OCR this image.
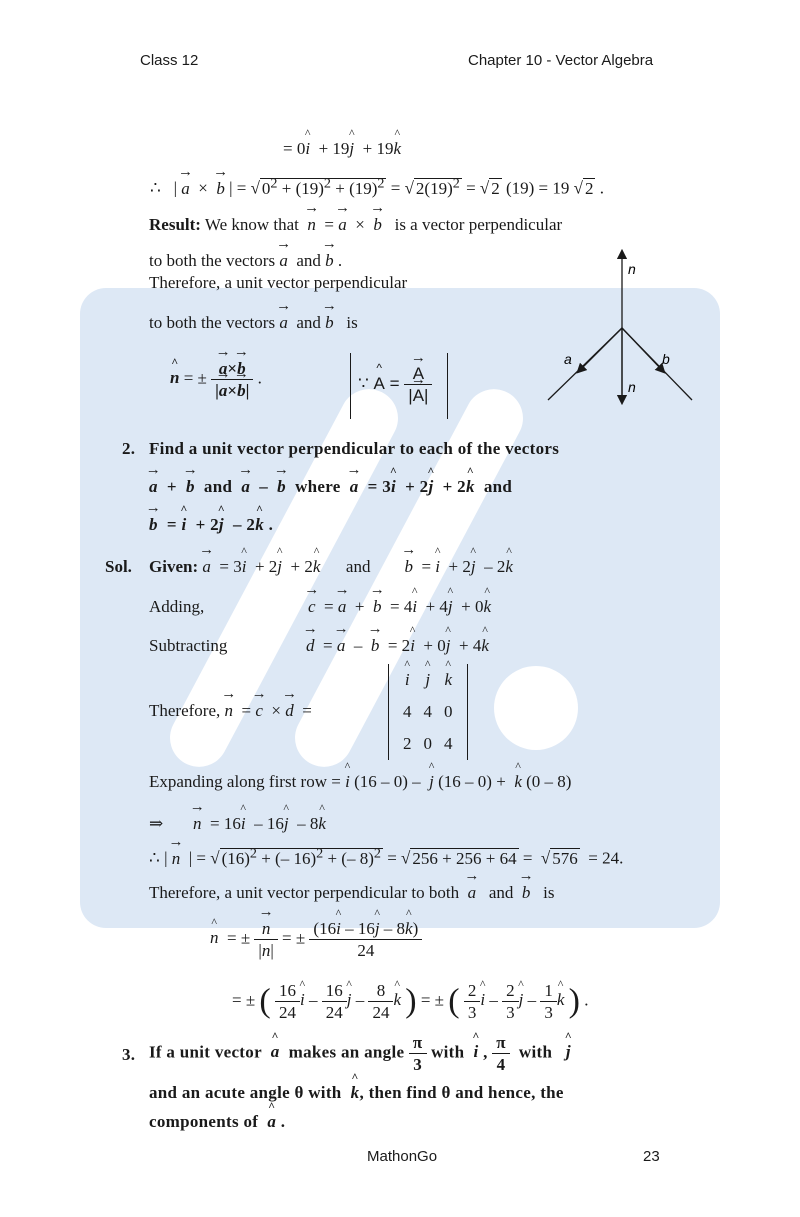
Class 12	Chapter 10 - Vector Algebra
= 0^ i  + 19^ j  + 19^ k
∴   | → a  ×  → b | = √ $0^2 + (19)^2 + (19)^2$ = √ $2(19)^2$ = √ 2 (19) = 19 √ 2 .
Result: We know that → n  = → a  ×  → b is a vector perpendicular
to both the vectors → a and → b .
Therefore, a unit vector perpendicular
to both the vectors → a and → b is
^ n = ± → $\frac{a\times\to b}{|\to a\times\to b|}$ .	∵ ^ A = → $\frac{A}{|\to A|}$
n
a	b
n
2. Find a unit vector perpendicular to each of the vectors
→ a  +  → b and → a  –  → b where → a  = 3^ i  + 2^ j  + 2^ k and
→ b  = ^ i  + 2^ j  – 2^ k .
Sol. Given: → a  = 3^ i  + 2^ j  + 2^ k and → b  = ^ i  + 2^ j  – 2^ k
Adding,	→ c  = → a  +  → b  = 4^ i  + 4^ j  + 0^ k
Subtracting	→ d  = → a  –  → b  = 2^ i  + 0^ j  + 4^ k
Therefore, → n  = → c  × → d  =
^ i	^ j	^ k
4	4	0
2	0	4
Expanding along first row = ^ i (16 – 0) –  ^ j (16 – 0) +  ^ k (0 – 8)
⇒ → n  = 16^ i  – 16^ j  – 8^ k
∴ | → n  | = √ $(16)^2$ + (– 16)$^2$ + (– 8)$^2$ = √ 256 + 256 + 64 =  √ 576  = 24.
Therefore, a unit vector perpendicular to both → a and → b is
^ n  = ± → $\frac{n}{|n|}$ = ± $\frac{(16\^{} i - 16\^{} j - 8\^{} k)}{24}$
= ± ( $\frac{16}{24}$ ^ i – $\frac{16}{24}$ ^ j – $\frac{8}{24}$ ^ k ) = ± ( $\frac{2}{3}$ ^ i – $\frac{2}{3}$ ^ j – $\frac{1}{3}$ ^ k ) .
3. If a unit vector ^ a makes an angle $\frac{\pi}{3}$ with ^ i , $\frac{\pi}{4}$ with ^ j
and an acute angle θ with ^ k, then find θ and hence, the
components of ^ a .
MathonGo	23
